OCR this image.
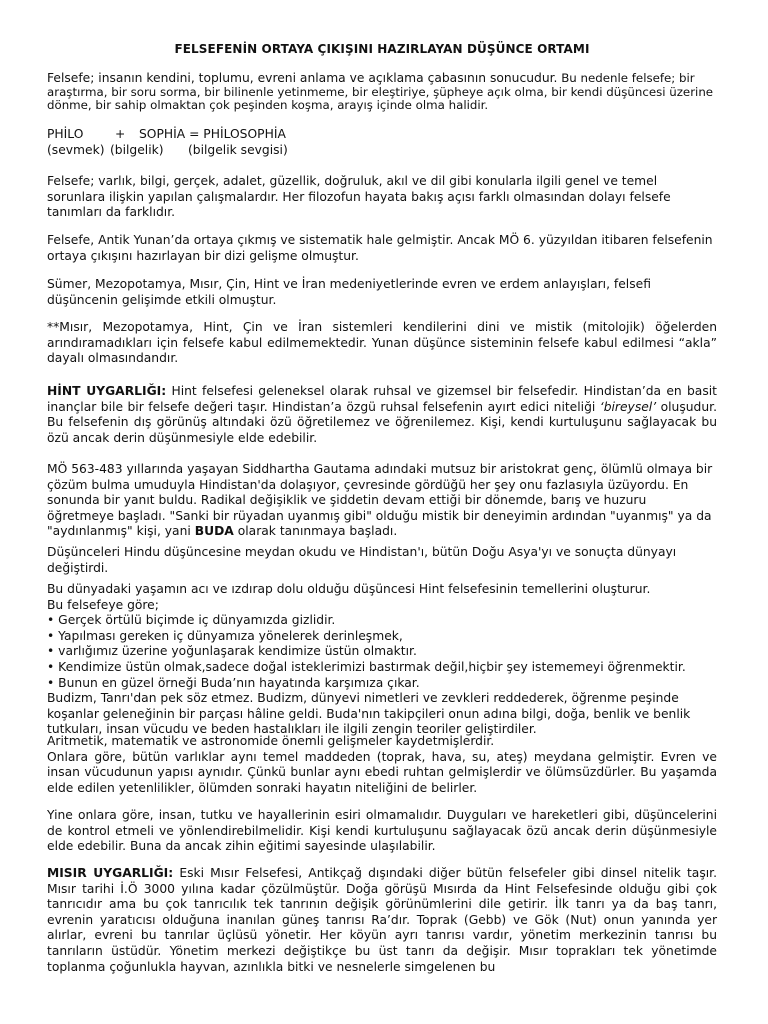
FELSEFENİN ORTAYA ÇIKIŞINI HAZIRLAYAN DÜŞÜNCE ORTAMI

Felsefe; insanın kendini, toplumu, evreni anlama ve açıklama çabasının sonucudur. Bu nedenle felsefe; bir araştırma, bir soru sorma, bir bilinenle yetinmeme, bir eleştiriye, şüpheye açık olma, bir kendi düşüncesi üzerine dönme, bir sahip olmaktan çok peşinden koşma, arayış içinde olma halidir.

PHİLO	+ SOPHİA = PHİLOSOPHİA
(sevmek) (bilgelik) (bilgelik sevgisi)

Felsefe; varlık, bilgi, gerçek, adalet, güzellik, doğruluk, akıl ve dil gibi konularla ilgili genel ve temel sorunlara ilişkin yapılan çalışmalardır. Her filozofun hayata bakış açısı farklı olmasından dolayı felsefe tanımları da farklıdır.

Felsefe, Antik Yunan’da ortaya çıkmış ve sistematik hale gelmiştir. Ancak MÖ 6. yüzyıldan itibaren felsefenin ortaya çıkışını hazırlayan bir dizi gelişme olmuştur.

Sümer, Mezopotamya, Mısır, Çin, Hint ve İran medeniyetlerinde evren ve erdem anlayışları, felsefi düşüncenin gelişimde etkili olmuştur.

**Mısır, Mezopotamya, Hint, Çin ve İran sistemleri kendilerini dini ve mistik (mitolojik) öğelerden arındıramadıkları için felsefe kabul edilmemektedir. Yunan düşünce sisteminin felsefe kabul edilmesi “akla” dayalı olmasındandır.

HİNT UYGARLIĞI: Hint felsefesi geleneksel olarak ruhsal ve gizemsel bir felsefedir. Hindistan’da en basit inançlar bile bir felsefe değeri taşır. Hindistan’a özgü ruhsal felsefenin ayırt edici niteliği ‘bireysel’ oluşudur. Bu felsefenin dış görünüş altındaki özü öğretilemez ve öğrenilemez. Kişi, kendi kurtuluşunu sağlayacak bu özü ancak derin düşünmesiyle elde edebilir.

MÖ 563-483 yıllarında yaşayan Siddhartha Gautama adındaki mutsuz bir aristokrat genç, ölümlü olmaya bir çözüm bulma umuduyla Hindistan'da dolaşıyor, çevresinde gördüğü her şey onu fazlasıyla üzüyordu. En sonunda bir yanıt buldu. Radikal değişiklik ve şiddetin devam ettiği bir dönemde, barış ve huzuru öğretmeye başladı. "Sanki bir rüyadan uyanmış gibi" olduğu mistik bir deneyimin ardından "uyanmış" ya da "aydınlanmış" kişi, yani BUDA olarak tanınmaya başladı.

Düşünceleri Hindu düşüncesine meydan okudu ve Hindistan'ı, bütün Doğu Asya'yı ve sonuçta dünyayı değiştirdi.

Bu dünyadaki yaşamın acı ve ızdırap dolu olduğu düşüncesi Hint felsefesinin temellerini oluşturur.
Bu felsefeye göre;
• Gerçek örtülü biçimde iç dünyamızda gizlidir.
• Yapılması gereken iç dünyamıza yönelerek derinleşmek,
• varlığımız üzerine yoğunlaşarak kendimize üstün olmaktır.
• Kendimize üstün olmak,sadece doğal isteklerimizi bastırmak değil,hiçbir şey istememeyi öğrenmektir.
• Bunun en güzel örneği Buda’nın hayatında karşımıza çıkar.
Budizm, Tanrı'dan pek söz etmez. Budizm, dünyevi nimetleri ve zevkleri reddederek, öğrenme peşinde koşanlar geleneğinin bir parçası hâline geldi. Buda'nın takipçileri onun adına bilgi, doğa, benlik ve benlik tutkuları, insan vücudu ve beden hastalıkları ile ilgili zengin teoriler geliştirdiler.
Aritmetik, matematik ve astronomide önemli gelişmeler kaydetmişlerdir.
Onlara göre, bütün varlıklar aynı temel maddeden (toprak, hava, su, ateş) meydana gelmiştir. Evren ve insan vücudunun yapısı aynıdır. Çünkü bunlar aynı ebedi ruhtan gelmişlerdir ve ölümsüzdürler. Bu yaşamda elde edilen yetenlilikler, ölümden sonraki hayatın niteliğini de belirler.

Yine onlara göre, insan, tutku ve hayallerinin esiri olmamalıdır. Duyguları ve hareketleri gibi, düşüncelerini de kontrol etmeli ve yönlendirebilmelidir. Kişi kendi kurtuluşunu sağlayacak özü ancak derin düşünmesiyle elde edebilir. Buna da ancak zihin eğitimi sayesinde ulaşılabilir.

MISIR UYGARLIĞI: Eski Mısır Felsefesi, Antikçağ dışındaki diğer bütün felsefeler gibi dinsel nitelik taşır. Mısır tarihi İ.Ö 3000 yılına kadar çözülmüştür. Doğa görüşü Mısırda da Hint Felsefesinde olduğu gibi çok tanrıcıdır ama bu çok tanrıcılık tek tanrının değişik görünümlerini dile getirir. İlk tanrı ya da baş tanrı, evrenin yaratıcısı olduğuna inanılan güneş tanrısı Ra’dır. Toprak (Gebb) ve Gök (Nut) onun yanında yer alırlar, evreni bu tanrılar üçlüsü yönetir. Her köyün ayrı tanrısı vardır, yönetim merkezinin tanrısı bu tanrıların üstüdür. Yönetim merkezi değiştikçe bu üst tanrı da değişir. Mısır toprakları tek yönetimde toplanma çoğunlukla hayvan, azınlıkla bitki ve nesnelerle simgelenen bu
